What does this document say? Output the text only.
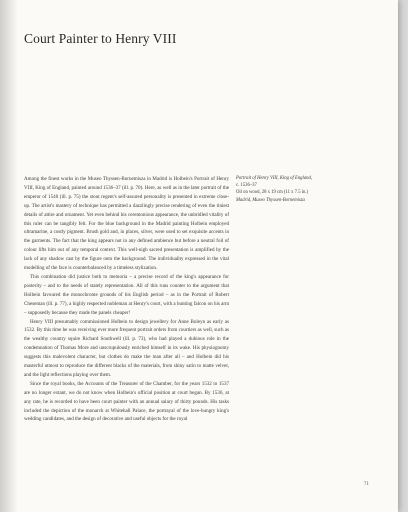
Court Painter to Henry VIII

Among the finest works in the Museo Thyssen-Bornemisza in Madrid is Holbein's Portrait of Henry VIII, King of England, painted around 1536–37 (ill. p. 70). Here, as well as in the later portrait of the emperor of 1540 (ill. p. 75) the stout regent's self-assured personality is presented in extreme close-up. The artist's mastery of technique has permitted a dazzlingly precise rendering of even the tiniest details of attire and ornament. Yet even behind his ceremonious appearance, the unbridled vitality of this ruler can be tangibly felt. For the blue background in the Madrid painting Holbein employed ultramarine, a costly pigment. Brush gold and, in places, silver, were used to set exquisite accents in the garments. The fact that the king appears not in any defined ambience but before a neutral foil of colour lifts him out of any temporal context. This well-nigh sacred presentation is amplified by the lack of any shadow cast by the figure onto the background. The individuality expressed in the vital modelling of the face is counterbalanced by a timeless stylization.

This combination did justice both to memoria – a precise record of the king's appearance for posterity – and to the needs of stately representation. All of this runs counter to the argument that Holbein favoured the monochrome grounds of his English period – as in the Portrait of Robert Cheseman (ill. p. 77), a highly respected nobleman at Henry's court, with a hunting falcon on his arm – supposedly because they made the panels cheaper!

Henry VIII presumably commissioned Holbein to design jewellery for Anne Boleyn as early as 1532. By this time he was receiving ever more frequent portrait orders from courtiers as well, such as the wealthy country squire Richard Southwell (ill. p. 73), who had played a dubious role in the condemnation of Thomas More and unscrupulously enriched himself in its wake. His physiognomy suggests this malevolent character, but clothes do make the man after all – and Holbein did his masterful utmost to reproduce the different blacks of the materials, from shiny satin to matte velvet, and the light reflections playing over them.

Since the royal books, the Accounts of the Treasurer of the Chamber, for the years 1532 to 1537 are no longer extant, we do not know when Holbein's official position at court began. By 1536, at any rate, he is recorded to have been court painter with an annual salary of thirty pounds. His tasks included the depiction of the monarch at Whitehall Palace, the portrayal of the love-hungry king's wedding candidates, and the design of decorative and useful objects for the royal

Portrait of Henry VIII, King of England,
c. 1536–37
Oil on wood, 28 x 19 cm (11 x 7.5 in.)
Madrid, Museo Thyssen-Bornemisza
71
